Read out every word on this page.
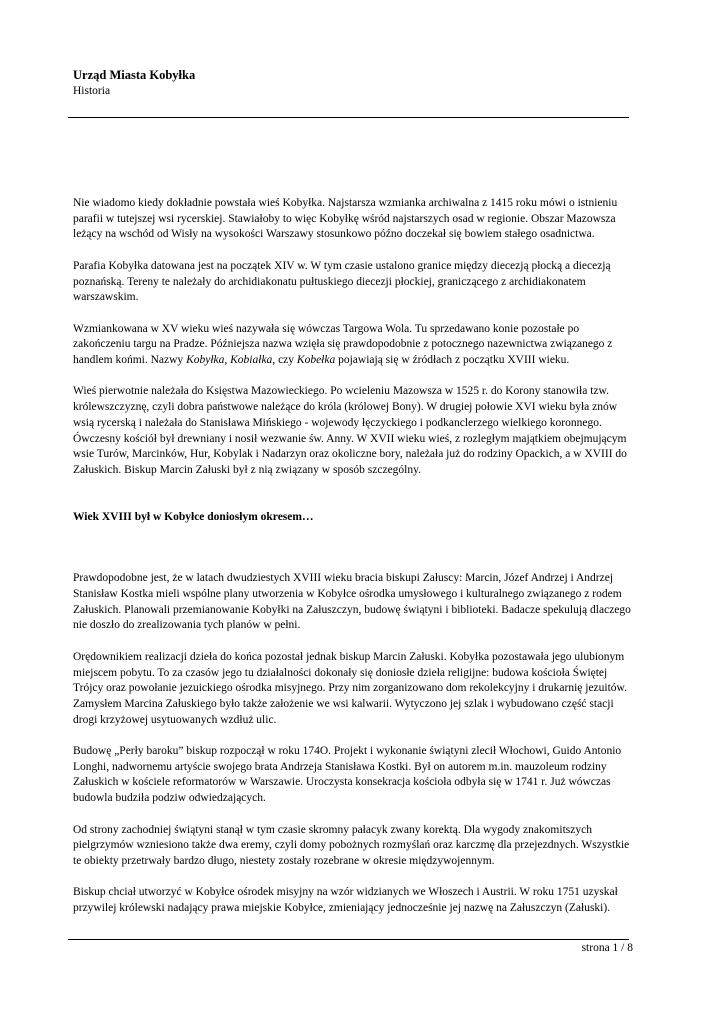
Urząd Miasta Kobyłka
Historia

Nie wiadomo kiedy dokładnie powstała wieś Kobyłka. Najstarsza wzmianka archiwalna z 1415 roku mówi o istnieniu parafii w tutejszej wsi rycerskiej. Stawiałoby to więc Kobyłkę wśród najstarszych osad w regionie. Obszar Mazowsza leżący na wschód od Wisły na wysokości Warszawy stosunkowo późno doczekał się bowiem stałego osadnictwa.

Parafia Kobyłka datowana jest na początek XIV w. W tym czasie ustalono granice między diecezją płocką a diecezją poznańską. Tereny te należały do archidiakonatu pułtuskiego diecezji płockiej, graniczącego z archidiakonatem warszawskim.

Wzmiankowana w XV wieku wieś nazywała się wówczas Targowa Wola. Tu sprzedawano konie pozostałe po zakończeniu targu na Pradze. Późniejsza nazwa wzięła się prawdopodobnie z potocznego nazewnictwa związanego z handlem końmi. Nazwy Kobyłka, Kobiałka, czy Kobełka pojawiają się w źródłach z początku XVIII wieku.

Wieś pierwotnie należała do Księstwa Mazowieckiego. Po wcieleniu Mazowsza w 1525 r. do Korony stanowiła tzw. królewszczyznę, czyli dobra państwowe należące do króla (królowej Bony). W drugiej połowie XVI wieku była znów wsią rycerską i należała do Stanisława Mińskiego - wojewody łęczyckiego i podkanclerzego wielkiego koronnego. Ówczesny kościół był drewniany i nosił wezwanie św. Anny. W XVII wieku wieś, z rozległym majątkiem obejmującym wsie Turów, Marcinków, Hur, Kobylak i Nadarzyn oraz okoliczne bory, należała już do rodziny Opackich, a w XVIII do Załuskich. Biskup Marcin Załuski był z nią związany w sposób szczególny.

Wiek XVIII był w Kobyłce doniosłym okresem…

Prawdopodobne jest, że w latach dwudziestych XVIII wieku bracia biskupi Załuscy: Marcin, Józef Andrzej i Andrzej Stanisław Kostka mieli wspólne plany utworzenia w Kobyłce ośrodka umysłowego i kulturalnego związanego z rodem Załuskich. Planowali przemianowanie Kobyłki na Załuszczyn, budowę świątyni i biblioteki. Badacze spekulują dlaczego nie doszło do zrealizowania tych planów w pełni.

Orędownikiem realizacji dzieła do końca pozostał jednak biskup Marcin Załuski. Kobyłka pozostawała jego ulubionym miejscem pobytu. To za czasów jego tu działalności dokonały się doniosłe dzieła religijne: budowa kościoła Świętej Trójcy oraz powołanie jezuickiego ośrodka misyjnego. Przy nim zorganizowano dom rekolekcyjny i drukarnię jezuitów. Zamysłem Marcina Załuskiego było także założenie we wsi kalwarii. Wytyczono jej szlak i wybudowano część stacji drogi krzyżowej usytuowanych wzdłuż ulic.

Budowę „Perły baroku” biskup rozpoczął w roku 174O. Projekt i wykonanie świątyni zlecił Włochowi, Guido Antonio Longhi, nadwornemu artyście swojego brata Andrzeja Stanisława Kostki. Był on autorem m.in. mauzoleum rodziny Załuskich w kościele reformatorów w Warszawie. Uroczysta konsekracja kościoła odbyła się w 1741 r. Już wówczas budowla budziła podziw odwiedzających.

Od strony zachodniej świątyni stanął w tym czasie skromny pałacyk zwany korektą. Dla wygody znakomitszych pielgrzymów wzniesiono także dwa eremy, czyli domy pobożnych rozmyślań oraz karczmę dla przejezdnych. Wszystkie te obiekty przetrwały bardzo długo, niestety zostały rozebrane w okresie międzywojennym.

Biskup chciał utworzyć w Kobyłce ośrodek misyjny na wzór widzianych we Włoszech i Austrii. W roku 1751 uzyskał przywilej królewski nadający prawa miejskie Kobyłce, zmieniający jednocześnie jej nazwę na Załuszczyn (Załuski).

strona 1 / 8
